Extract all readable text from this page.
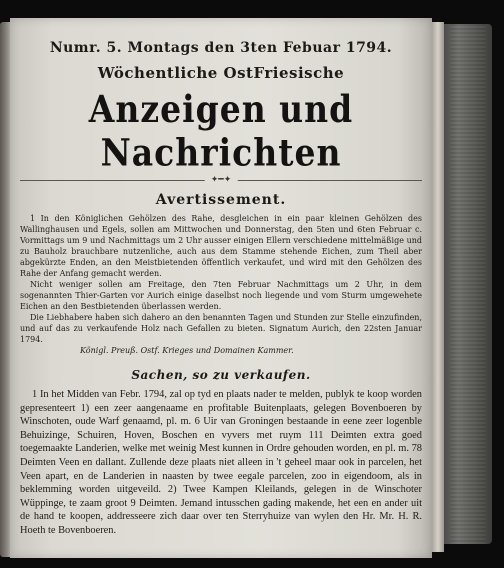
Numr. 5. Montags den 3ten Febuar 1794.
Wöchentliche OstFriesische
Anzeigen und Nachrichten
✦━✦
Avertissement.

1 In den Königlichen Gehölzen des Rahe, desgleichen in ein paar kleinen Gehölzen des Wallinghausen und Egels, sollen am Mittwochen und Donnerstag, den 5ten und 6ten Februar c. Vormittags um 9 und Nachmittags um 2 Uhr ausser einigen Ellern verschiedene mittelmäßige und zu Bauholz brauchbare nutzenliche, auch aus dem Stamme stehende Eichen, zum Theil aber abgekürzte Enden, an den Meistbietenden öffentlich verkaufet, und wird mit den Gehölzen des Rahe der Anfang gemacht werden.

Nicht weniger sollen am Freitage, den 7ten Februar Nachmittags um 2 Uhr, in dem sogenannten Thier-Garten vor Aurich einige daselbst noch liegende und vom Sturm umgewehete Eichen an den Bestbietenden überlassen werden.

Die Liebhabere haben sich dahero an den benannten Tagen und Stunden zur Stelle einzufinden, und auf das zu verkaufende Holz nach Gefallen zu bieten. Signatum Aurich, den 22sten Januar 1794.

Königl. Preuß. Ostf. Krieges und Domainen Kammer.

Sachen, so zu verkaufen.

1 In het Midden van Febr. 1794, zal op tyd en plaats nader te melden, publyk te koop worden gepresenteert 1) een zeer aangenaame en profitable Buitenplaats, gelegen Bovenboeren by Winschoten, oude Warf genaamd, pl. m. 6 Uir van Groningen bestaande in eene zeer logenble Behuizinge, Schuiren, Hoven, Boschen en vyvers met ruym 111 Deimten extra goed toegemaakte Landerien, welke met weinig Mest kunnen in Ordre gehouden worden, en pl. m. 78 Deimten Veen en dallant. Zullende deze plaats niet alleen in 't geheel maar ook in parcelen, het Veen apart, en de Landerien in naasten by twee eegale parcelen, zoo in eigendoom, als in beklemming worden uitgeveild. 2) Twee Kampen Kleilands, gelegen in de Winschoter Wüppinge, te zaam groot 9 Deimten. Jemand intusschen gading makende, het een en ander uit de hand te koopen, addresseere zich daar over ten Sterryhuize van wylen den Hr. Mr. H. R. Hoeth te Bovenboeren.
